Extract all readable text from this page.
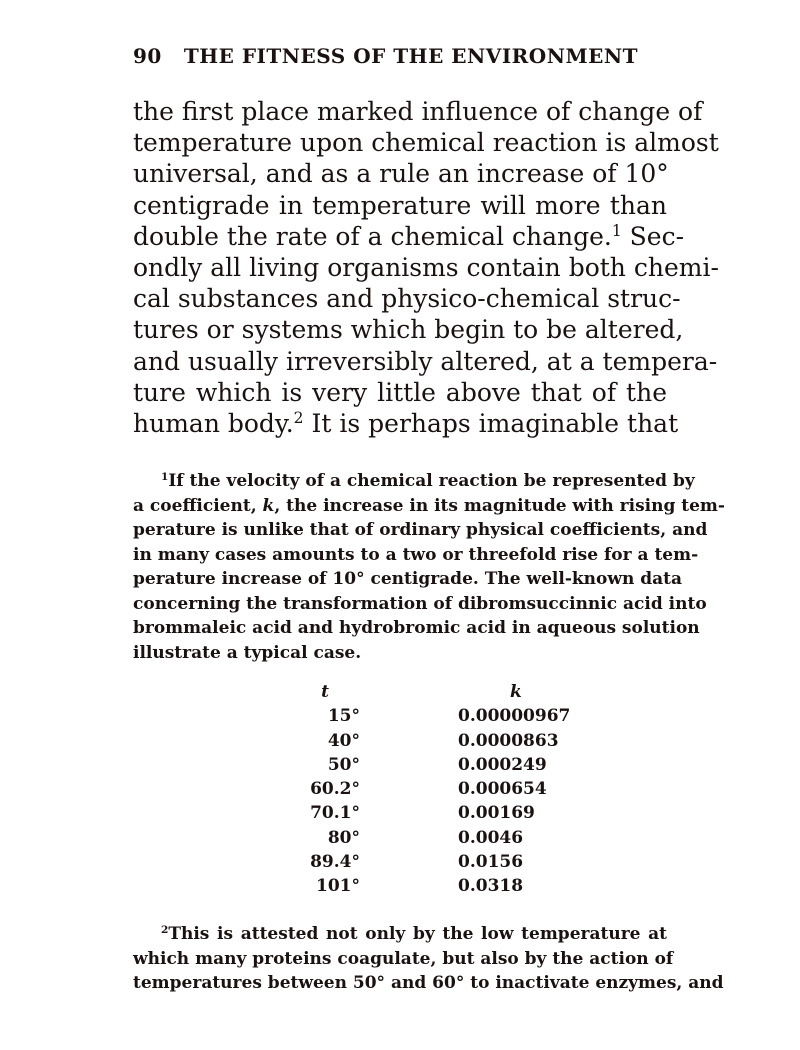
90 THE FITNESS OF THE ENVIRONMENT
the first place marked influence of change of
temperature upon chemical reaction is almost
universal, and as a rule an increase of 10°
centigrade in temperature will more than
double the rate of a chemical change.$^1$ Sec-
ondly all living organisms contain both chemi-
cal substances and physico-chemical struc-
tures or systems which begin to be altered,
and usually irreversibly altered, at a tempera-
ture which is very little above that of the
human body.$^2$ It is perhaps imaginable that
$^1$If the velocity of a chemical reaction be represented by
a coefficient, k, the increase in its magnitude with rising tem-
perature is unlike that of ordinary physical coefficients, and
in many cases amounts to a two or threefold rise for a tem-
perature increase of 10° centigrade. The well-known data
concerning the transformation of dibromsuccinnic acid into
brommaleic acid and hydrobromic acid in aqueous solution
illustrate a typical case.
t	k
15°	0.00000967
40°	0.0000863
50°	0.000249
60.2°	0.000654
70.1°	0.00169
80°	0.0046
89.4°	0.0156
101°	0.0318
$^2$This is attested not only by the low temperature at
which many proteins coagulate, but also by the action of
temperatures between 50° and 60° to inactivate enzymes, and
